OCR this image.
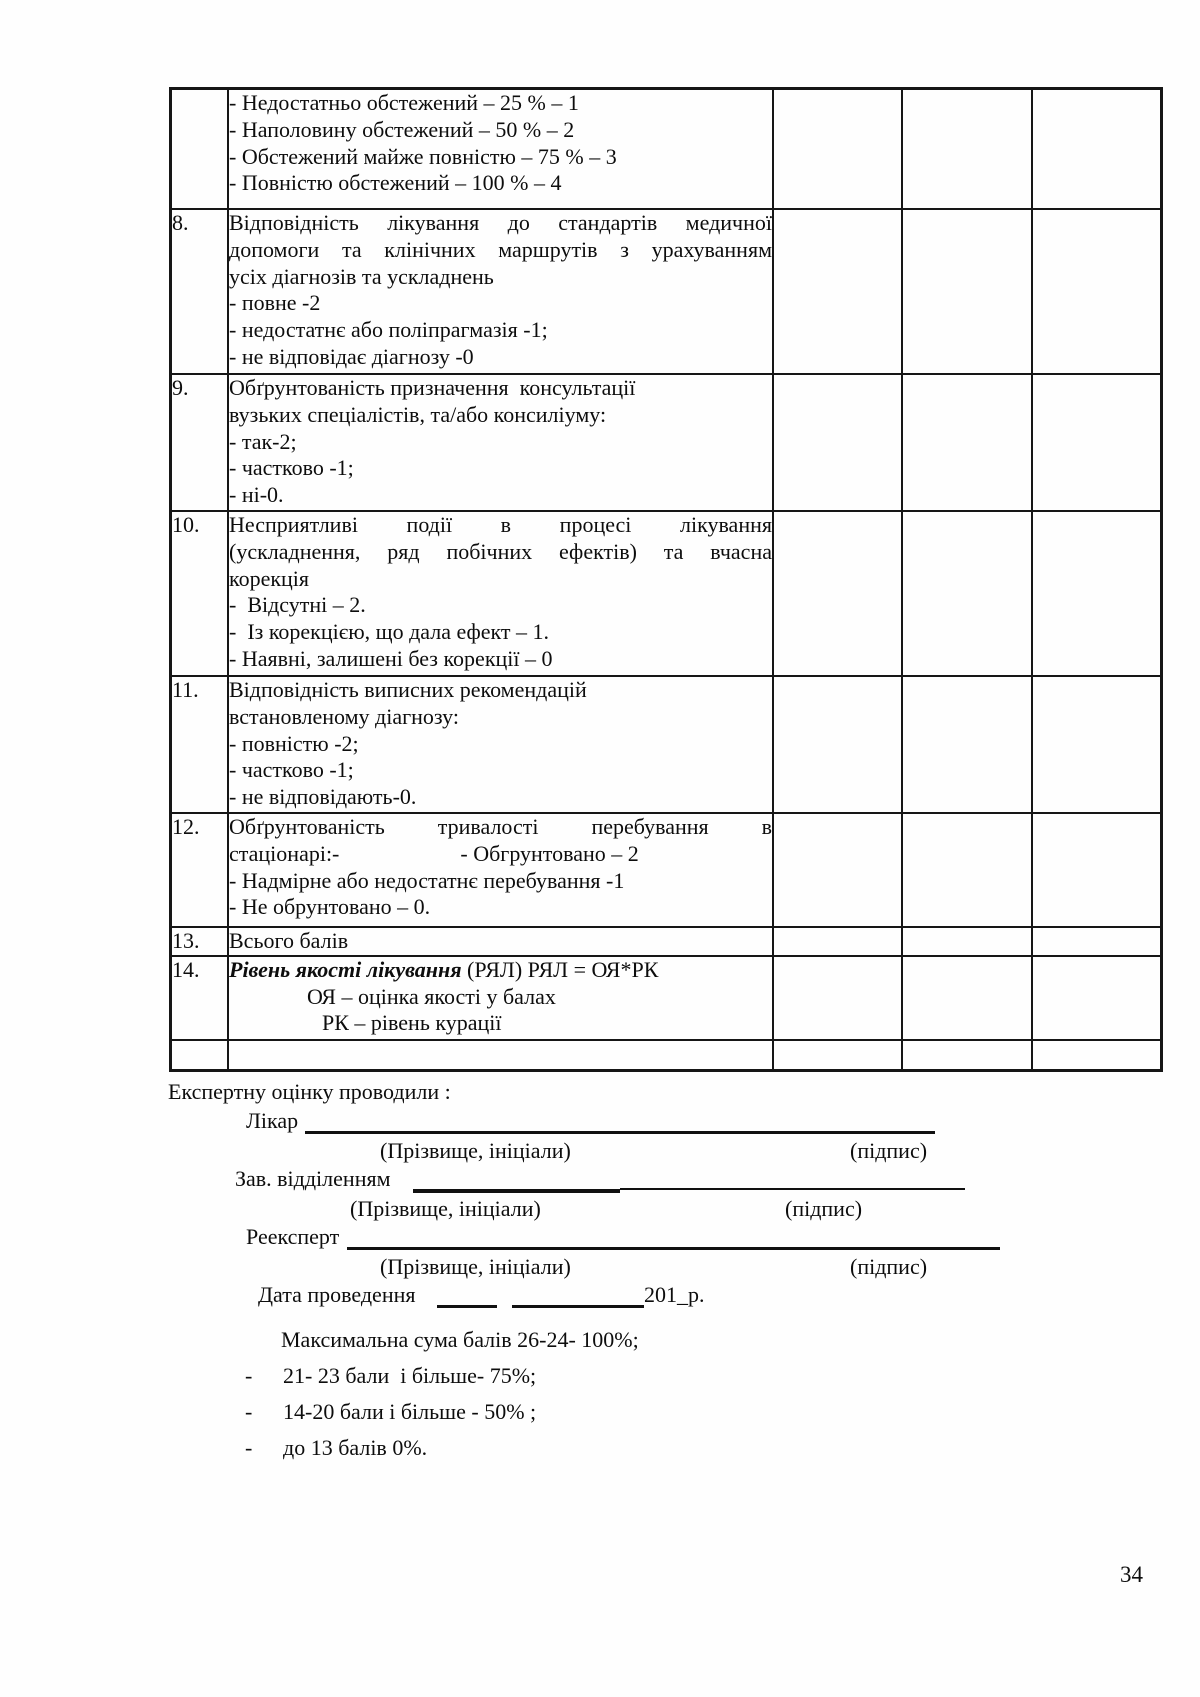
	- Недостатньо обстежений – 25 % – 1
- Наполовину обстежений – 50 % – 2
- Обстежений майже повністю – 75 % – 3
- Повністю обстежений – 100 % – 4			

8.	Відповідність лікування до стандартів медичної
допомоги та клінічних маршрутів з урахуванням
усіх діагнозів та ускладнень
- повне -2
- недостатнє або поліпрагмазія -1;
- не відповідає діагнозу -0

9.	Обґрунтованість призначення  консультації
вузьких спеціалістів, та/або консиліуму:
- так-2;
- частково -1;
- ні-0.			

10.	Несприятливі події в процесі лікування
(ускладнення, ряд побічних ефектів) та вчасна
корекція
-  Відсутні – 2.
-  Із корекцією, що дала ефект – 1.
- Наявні, залишені без корекції – 0

11.	Відповідність виписних рекомендацій
встановленому діагнозу:
- повністю -2;
- частково -1;
- не відповідають-0.			

12.	Обґрунтованість тривалості перебування в
стаціонарі:-                      - Обгрунтовано – 2
- Надмірне або недостатнє перебування -1
- Не обрунтовано – 0.			

13.	Всього балів			

14.	Рівень якості лікування (РЯЛ) РЯЛ = ОЯ*РК
ОЯ – оцінка якості у балах
РК – рівень курації			

Експертну оцінку проводили :
Лікар
(Прізвище, ініціали)	(підпис)
Зав. відділенням
(Прізвище, ініціали)	(підпис)
Реексперт
(Прізвище, ініціали)	(підпис)
Дата проведення	201_р.
Максимальна сума балів 26-24- 100%;
- 21- 23 бали  і більше- 75%;
- 14-20 бали і більше - 50% ;
- до 13 балів 0%.
34
